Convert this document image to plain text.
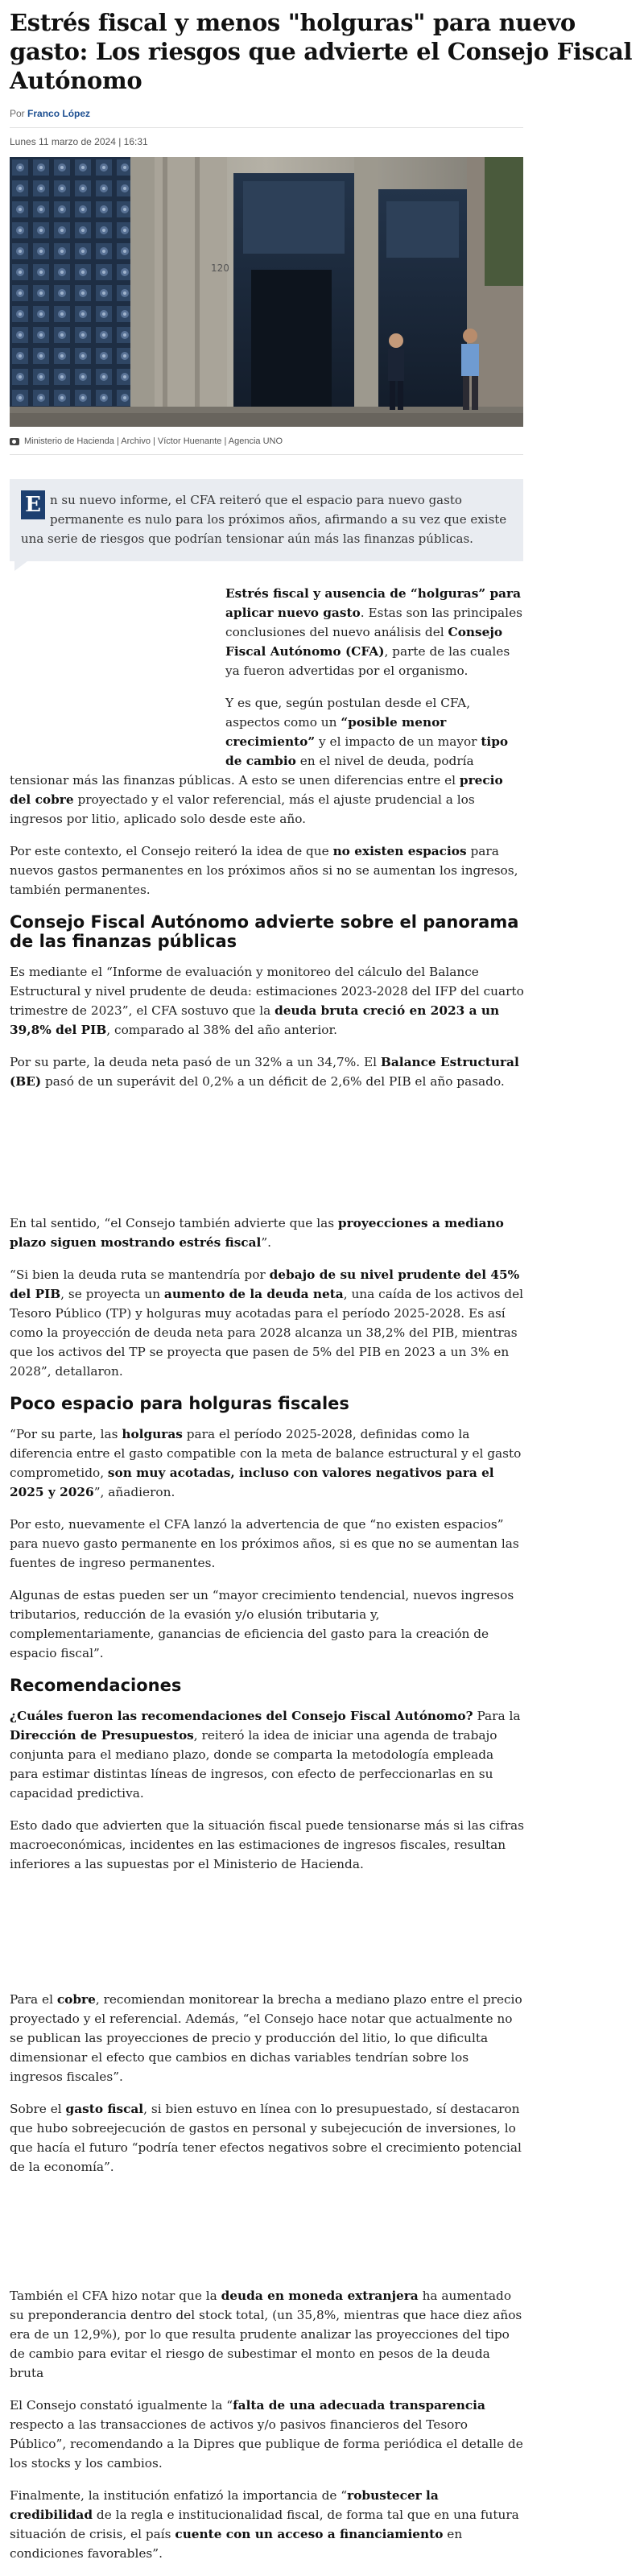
Estrés fiscal y menos "holguras" para nuevo gasto: Los riesgos que advierte el Consejo Fiscal Autónomo
Por Franco López
Lunes 11 marzo de 2024 | 16:31
120
Ministerio de Hacienda | Archivo | Víctor Huenante | Agencia UNO
E n su nuevo informe, el CFA reiteró que el espacio para nuevo gasto permanente es nulo para los próximos años, afirmando a su vez que existe una serie de riesgos que podrían tensionar aún más las finanzas públicas.

Estrés fiscal y ausencia de “holguras” para aplicar nuevo gasto. Estas son las principales conclusiones del nuevo análisis del Consejo Fiscal Autónomo (CFA), parte de las cuales ya fueron advertidas por el organismo.

Y es que, según postulan desde el CFA, aspectos como un “posible menor crecimiento” y el impacto de un mayor tipo de cambio en el nivel de deuda, podría tensionar más las finanzas públicas. A esto se unen diferencias entre el precio del cobre proyectado y el valor referencial, más el ajuste prudencial a los ingresos por litio, aplicado solo desde este año.

Por este contexto, el Consejo reiteró la idea de que no existen espacios para nuevos gastos permanentes en los próximos años si no se aumentan los ingresos, también permanentes.

Consejo Fiscal Autónomo advierte sobre el panorama de las finanzas públicas

Es mediante el “Informe de evaluación y monitoreo del cálculo del Balance Estructural y nivel prudente de deuda: estimaciones 2023-2028 del IFP del cuarto trimestre de 2023”, el CFA sostuvo que la deuda bruta creció en 2023 a un 39,8% del PIB, comparado al 38% del año anterior.

Por su parte, la deuda neta pasó de un 32% a un 34,7%. El Balance Estructural (BE) pasó de un superávit del 0,2% a un déficit de 2,6% del PIB el año pasado.

En tal sentido, “el Consejo también advierte que las proyecciones a mediano plazo siguen mostrando estrés fiscal”.

“Si bien la deuda ruta se mantendría por debajo de su nivel prudente del 45% del PIB, se proyecta un aumento de la deuda neta, una caída de los activos del Tesoro Público (TP) y holguras muy acotadas para el período 2025-2028. Es así como la proyección de deuda neta para 2028 alcanza un 38,2% del PIB, mientras que los activos del TP se proyecta que pasen de 5% del PIB en 2023 a un 3% en 2028”, detallaron.

Poco espacio para holguras fiscales

“Por su parte, las holguras para el período 2025-2028, definidas como la diferencia entre el gasto compatible con la meta de balance estructural y el gasto comprometido, son muy acotadas, incluso con valores negativos para el 2025 y 2026”, añadieron.

Por esto, nuevamente el CFA lanzó la advertencia de que “no existen espacios” para nuevo gasto permanente en los próximos años, si es que no se aumentan las fuentes de ingreso permanentes.

Algunas de estas pueden ser un “mayor crecimiento tendencial, nuevos ingresos tributarios, reducción de la evasión y/o elusión tributaria y, complementariamente, ganancias de eficiencia del gasto para la creación de espacio fiscal”.

Recomendaciones

¿Cuáles fueron las recomendaciones del Consejo Fiscal Autónomo? Para la Dirección de Presupuestos, reiteró la idea de iniciar una agenda de trabajo conjunta para el mediano plazo, donde se comparta la metodología empleada para estimar distintas líneas de ingresos, con efecto de perfeccionarlas en su capacidad predictiva.

Esto dado que advierten que la situación fiscal puede tensionarse más si las cifras macroeconómicas, incidentes en las estimaciones de ingresos fiscales, resultan inferiores a las supuestas por el Ministerio de Hacienda.

Para el cobre, recomiendan monitorear la brecha a mediano plazo entre el precio proyectado y el referencial. Además, “el Consejo hace notar que actualmente no se publican las proyecciones de precio y producción del litio, lo que dificulta dimensionar el efecto que cambios en dichas variables tendrían sobre los ingresos fiscales”.

Sobre el gasto fiscal, si bien estuvo en línea con lo presupuestado, sí destacaron que hubo sobreejecución de gastos en personal y subejecución de inversiones, lo que hacía el futuro “podría tener efectos negativos sobre el crecimiento potencial de la economía”.

También el CFA hizo notar que la deuda en moneda extranjera ha aumentado su preponderancia dentro del stock total, (un 35,8%, mientras que hace diez años era de un 12,9%), por lo que resulta prudente analizar las proyecciones del tipo de cambio para evitar el riesgo de subestimar el monto en pesos de la deuda bruta

El Consejo constató igualmente la “falta de una adecuada transparencia respecto a las transacciones de activos y/o pasivos financieros del Tesoro Público”, recomendando a la Dipres que publique de forma periódica el detalle de los stocks y los cambios.

Finalmente, la institución enfatizó la importancia de “robustecer la credibilidad de la regla e institucionalidad fiscal, de forma tal que en una futura situación de crisis, el país cuente con un acceso a financiamiento en condiciones favorables”.
